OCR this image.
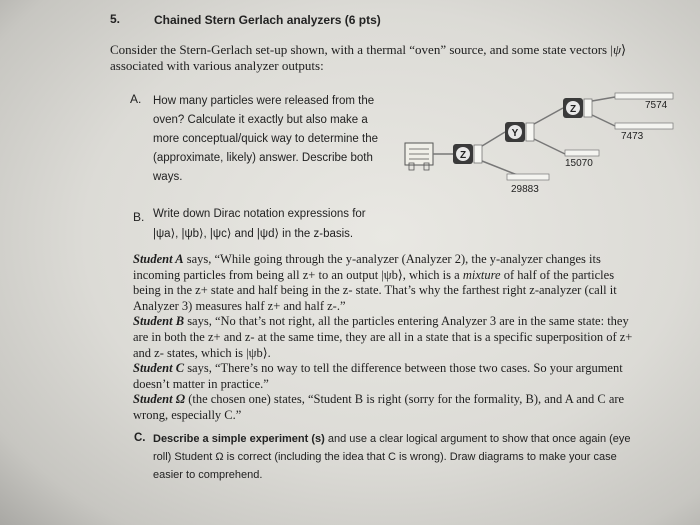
5.	Chained Stern Gerlach analyzers (6 pts)
Consider the Stern-Gerlach set-up shown, with a thermal “oven” source, and some state vectors |ψ⟩ associated with various analyzer outputs:
A. How many particles were released from the oven? Calculate it exactly but also make a more conceptual/quick way to determine the (approximate, likely) answer. Describe both ways.
Z
Y
Z	7574
7473
15070
29883
B. Write down Dirac notation expressions for
|ψa⟩, |ψb⟩, |ψc⟩ and |ψd⟩ in the z-basis.

Student A says, “While going through the y-analyzer (Analyzer 2), the y-analyzer changes its incoming particles from being all z+ to an output |ψb⟩, which is a mixture of half of the particles being in the z+ state and half being in the z- state. That’s why the farthest right z-analyzer (call it Analyzer 3) measures half z+ and half z-.”

Student B says, “No that’s not right, all the particles entering Analyzer 3 are in the same state: they are in both the z+ and z- at the same time, they are all in a state that is a specific superposition of z+ and z- states, which is |ψb⟩.

Student C says, “There’s no way to tell the difference between those two cases. So your argument doesn’t matter in practice.”

Student Ω (the chosen one) states, “Student B is right (sorry for the formality, B), and A and C are wrong, especially C.”

C. Describe a simple experiment (s) and use a clear logical argument to show that once again (eye roll) Student Ω is correct (including the idea that C is wrong). Draw diagrams to make your case easier to comprehend.
